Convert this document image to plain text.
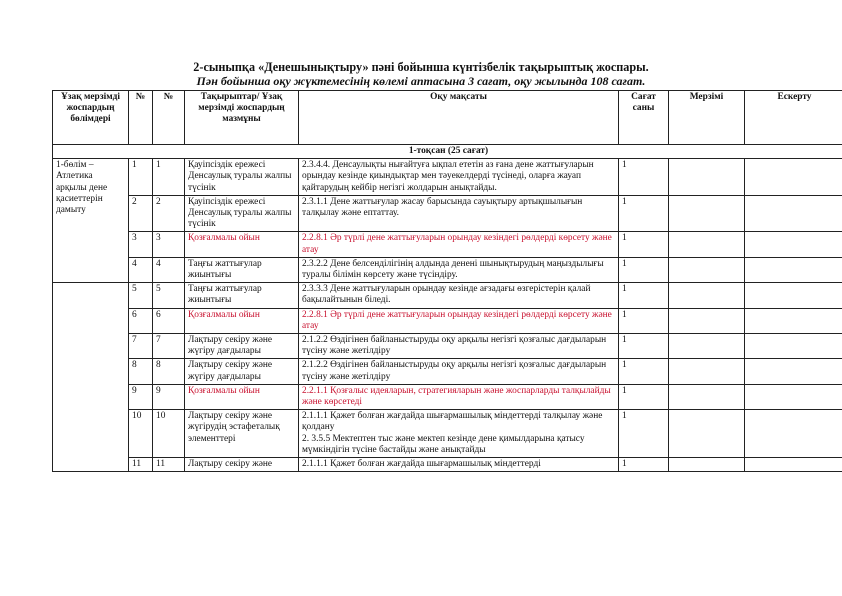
2-сыныпқа «Денешынықтыру» пәні бойынша күнтізбелік тақырыптық жоспары.
Пән бойынша оқу жүктемесінің көлемі аптасына 3 сағат, оқу жылында 108 сағат.
Ұзақ мерзімді жоспардың бөлімдері	№	№	Тақырыптар/ Ұзақ мерзімді жоспардың мазмұны	Оқу мақсаты	Сағат саны	Мерзімі	Ескерту
1-тоқсан (25 сағат)							
1-бөлім – Атлетика арқылы дене қасиеттерін дамыту	1	1	Қауіпсіздік ережесі Денсаулық туралы жалпы түсінік	2.3.4.4. Денсаулықты нығайтуға ықпал ететін аз ғана дене жаттығуларын орындау кезінде қиындықтар мен тәуекелдерді түсінеді, оларға жауап қайтарудың кейбір негізгі жолдарын анықтайды.	1		
	2	2	Қауіпсіздік ережесі Денсаулық туралы жалпы түсінік	2.3.1.1 Дене жаттығулар жасау барысында сауықтыру артықшылығын талқылау және ептаттау.	1		
	3	3	Қозғалмалы ойын	2.2.8.1 Әр түрлі дене жаттығуларын орындау кезіндегі рөлдерді көрсету және атау	1		
	4	4	Таңғы жаттығулар жиынтығы	2.3.2.2 Дене белсенділігінің алдында денені шынықтырудың маңыздылығы туралы білімін көрсету және түсіндіру.	1		
	5	5	Таңғы жаттығулар жиынтығы	2.3.3.3 Дене жаттығуларын орындау кезінде ағзадағы өзгерістерін қалай бақылайтынын біледі.	1		
	6	6	Қозғалмалы ойын	2.2.8.1 Әр түрлі дене жаттығуларын орындау кезіндегі рөлдерді көрсету және атау	1		
	7	7	Лақтыру секіру және жүгіру дағдылары	2.1.2.2 Өздігінен байланыстыруды оқу арқылы негізгі қозғалыс дағдыларын түсіну және жетілдіру	1		
	8	8	Лақтыру секіру және жүгіру дағдылары	2.1.2.2 Өздігінен байланыстыруды оқу арқылы негізгі қозғалыс дағдыларын түсіну және жетілдіру	1		
	9	9	Қозғалмалы ойын	2.2.1.1 Қозғалыс идеяларын, стратегияларын және жоспарларды талқылайды және көрсетеді	1		
	10	10	Лақтыру секіру және жүгірудің эстафеталық элементтері	2.1.1.1 Қажет болған жағдайда шығармашылық міндеттерді талқылау және қолдану
2. 3.5.5 Мектептен тыс және мектеп кезінде дене қимылдарына қатысу мүмкіндігін түсіне бастайды және анықтайды	1		
	11	11	Лақтыру секіру және	2.1.1.1 Қажет болған жағдайда шығармашылық міндеттерді	1		
